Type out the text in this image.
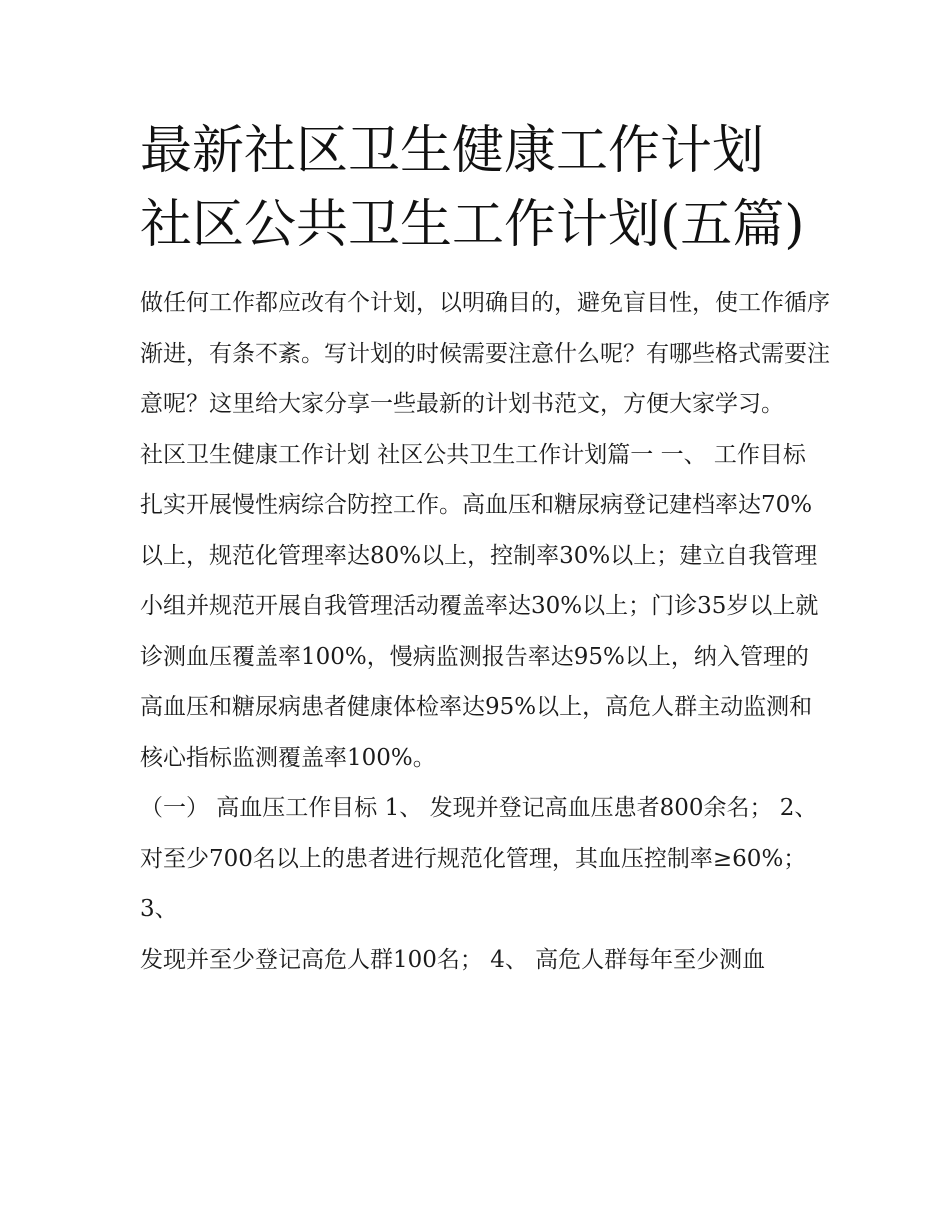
最新社区卫生健康工作计划 社区公共卫生工作计划(五篇)

做任何工作都应改有个计划，以明确目的，避免盲目性，使工作循序渐进，有条不紊。写计划的时候需要注意什么呢？有哪些格式需要注意呢？这里给大家分享一些最新的计划书范文，方便大家学习。

社区卫生健康工作计划 社区公共卫生工作计划篇一 一、 工作目标

扎实开展慢性病综合防控工作。高血压和糖尿病登记建档率达70%以上，规范化管理率达80%以上，控制率30%以上；建立自我管理小组并规范开展自我管理活动覆盖率达30%以上；门诊35岁以上就诊测血压覆盖率100%，慢病监测报告率达95%以上，纳入管理的高血压和糖尿病患者健康体检率达95%以上，高危人群主动监测和核心指标监测覆盖率100%。

（一） 高血压工作目标 1、 发现并登记高血压患者800余名； 2、 对至少700名以上的患者进行规范化管理，其血压控制率≥60%； 3、

发现并至少登记高危人群100名； 4、 高危人群每年至少测血
